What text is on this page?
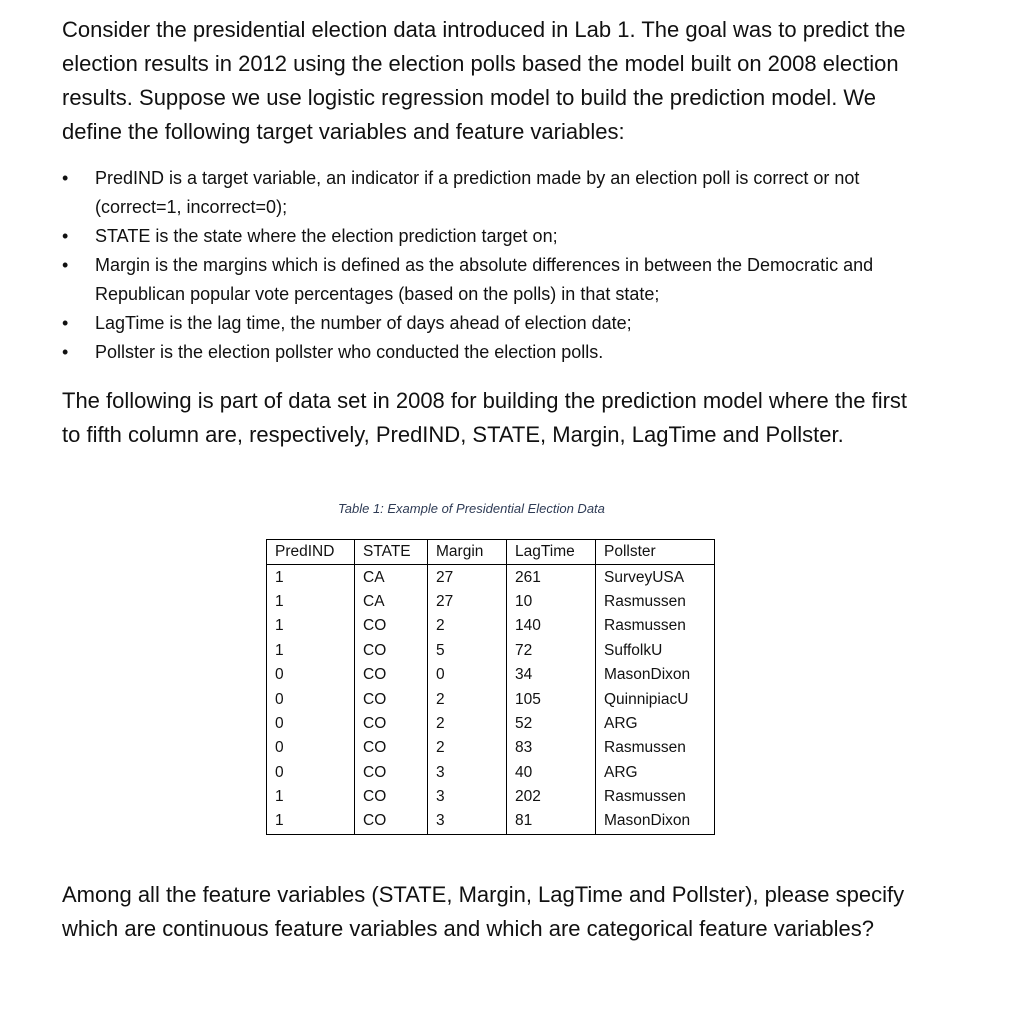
Consider the presidential election data introduced in Lab 1. The goal was to predict the election results in 2012 using the election polls based the model built on 2008 election results. Suppose we use logistic regression model to build the prediction model. We define the following target variables and feature variables:

• PredIND is a target variable, an indicator if a prediction made by an election poll is correct or not (correct=1, incorrect=0);
• STATE is the state where the election prediction target on;
• Margin is the margins which is defined as the absolute differences in between the Democratic and Republican popular vote percentages (based on the polls) in that state;
• LagTime is the lag time, the number of days ahead of election date;
• Pollster is the election pollster who conducted the election polls.

The following is part of data set in 2008 for building the prediction model where the first to fifth column are, respectively, PredIND, STATE, Margin, LagTime and Pollster.

Table 1: Example of Presidential Election Data
PredIND	STATE	Margin	LagTime	Pollster
1	CA	27	261	SurveyUSA
1	CA	27	10	Rasmussen
1	CO	2	140	Rasmussen
1	CO	5	72	SuffolkU
0	CO	0	34	MasonDixon
0	CO	2	105	QuinnipiacU
0	CO	2	52	ARG
0	CO	2	83	Rasmussen
0	CO	3	40	ARG
1	CO	3	202	Rasmussen
1	CO	3	81	MasonDixon

Among all the feature variables (STATE, Margin, LagTime and Pollster), please specify which are continuous feature variables and which are categorical feature variables?
